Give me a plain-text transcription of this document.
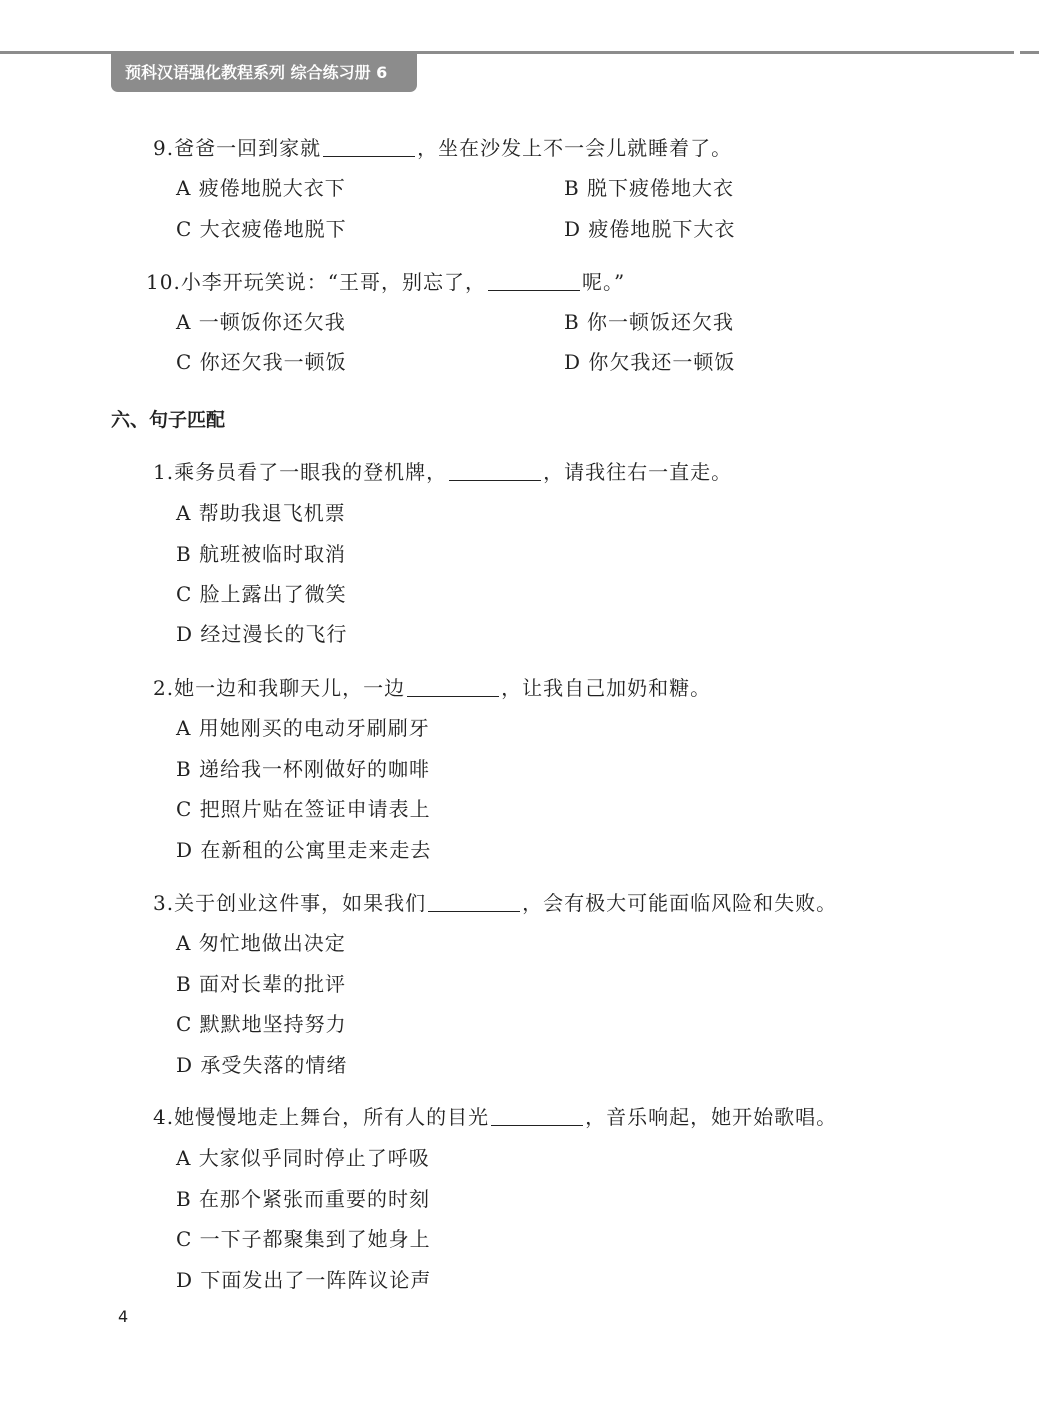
预科汉语强化教程系列 综合练习册 6
9.爸爸一回到家就	，坐在沙发上不一会儿就睡着了。
A 疲倦地脱大衣下	B 脱下疲倦地大衣
C 大衣疲倦地脱下	D 疲倦地脱下大衣
10.小李开玩笑说：“王哥，别忘了，	呢。”
A 一顿饭你还欠我	B 你一顿饭还欠我
C 你还欠我一顿饭	D 你欠我还一顿饭
六、句子匹配
1.乘务员看了一眼我的登机牌，	，请我往右一直走。
A 帮助我退飞机票
B 航班被临时取消
C 脸上露出了微笑
D 经过漫长的飞行
2.她一边和我聊天儿，一边	，让我自己加奶和糖。
A 用她刚买的电动牙刷刷牙
B 递给我一杯刚做好的咖啡
C 把照片贴在签证申请表上
D 在新租的公寓里走来走去
3.关于创业这件事，如果我们	，会有极大可能面临风险和失败。
A 匆忙地做出决定
B 面对长辈的批评
C 默默地坚持努力
D 承受失落的情绪
4.她慢慢地走上舞台，所有人的目光	，音乐响起，她开始歌唱。
A 大家似乎同时停止了呼吸
B 在那个紧张而重要的时刻
C 一下子都聚集到了她身上
D 下面发出了一阵阵议论声
4
